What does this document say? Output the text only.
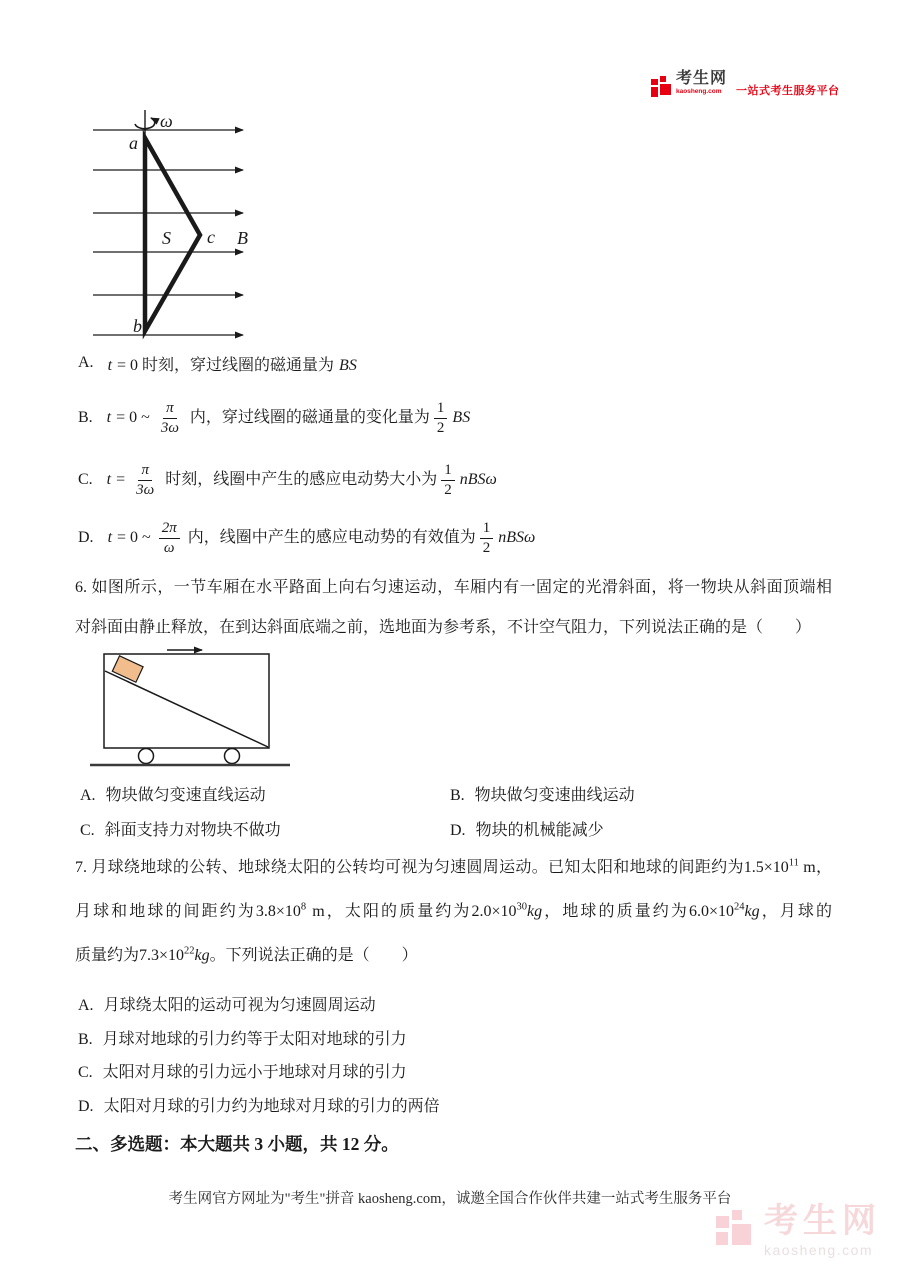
考生网
kaosheng.com	一站式考生服务平台
ω
a
b
S c B
A. t = 0 时刻，穿过线圈的磁通量为 BS
B. t = 0 ~ $\frac{\pi}{3\omega}$ 内，穿过线圈的磁通量的变化量为 $\frac{1}{2}$ BS
C. $t = \frac{\pi}{3\omega}$ 时刻，线圈中产生的感应电动势大小为 $\frac{1}{2}$ nBSω
D. t = 0 ~ $\frac{2\pi}{\omega}$ 内，线圈中产生的感应电动势的有效值为 $\frac{1}{2}$ nBSω
6. 如图所示，一节车厢在水平路面上向右匀速运动，车厢内有一固定的光滑斜面，将一物块从斜面顶端相
对斜面由静止释放，在到达斜面底端之前，选地面为参考系，不计空气阻力，下列说法正确的是（　　）
A. 物块做匀变速直线运动	B. 物块做匀变速曲线运动
C. 斜面支持力对物块不做功	D. 物块的机械能减少
7. 月球绕地球的公转、地球绕太阳的公转均可视为匀速圆周运动。已知太阳和地球的间距约为$1.5\times 10^{11}$ m，
月球和地球的间距约为$3.8\times 10^8$ m，太阳的质量约为$2.0\times 10^{30}kg$，地球的质量约为$6.0\times 10^{24}kg$，月球的
质量约为$7.3\times 10^{22}kg$。下列说法正确的是（　　）
A. 月球绕太阳的运动可视为匀速圆周运动
B. 月球对地球的引力约等于太阳对地球的引力
C. 太阳对月球的引力远小于地球对月球的引力
D. 太阳对月球的引力约为地球对月球的引力的两倍
二、多选题：本大题共 3 小题，共 12 分。
考生网官方网址为"考生"拼音 kaosheng.com，诚邀全国合作伙伴共建一站式考生服务平台
考生网
kaosheng.com
